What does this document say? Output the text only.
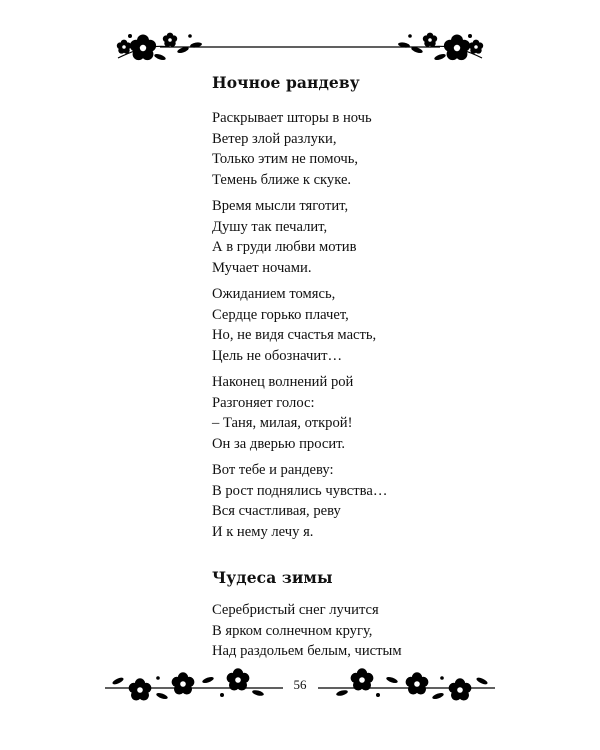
Ночное рандеву
Раскрывает шторы в ночь
Ветер злой разлуки,
Только этим не помочь,
Темень ближе к скуке.
Время мысли тяготит,
Душу так печалит,
А в груди любви мотив
Мучает ночами.
Ожиданием томясь,
Сердце горько плачет,
Но, не видя счастья масть,
Цель не обозначит…
Наконец волнений рой
Разгоняет голос:
– Таня, милая, открой!
Он за дверью просит.
Вот тебе и рандеву:
В рост поднялись чувства…
Вся счастливая, реву
И к нему лечу я.
Чудеса зимы
Серебристый снег лучится
В ярком солнечном кругу,
Над раздольем белым, чистым
56
